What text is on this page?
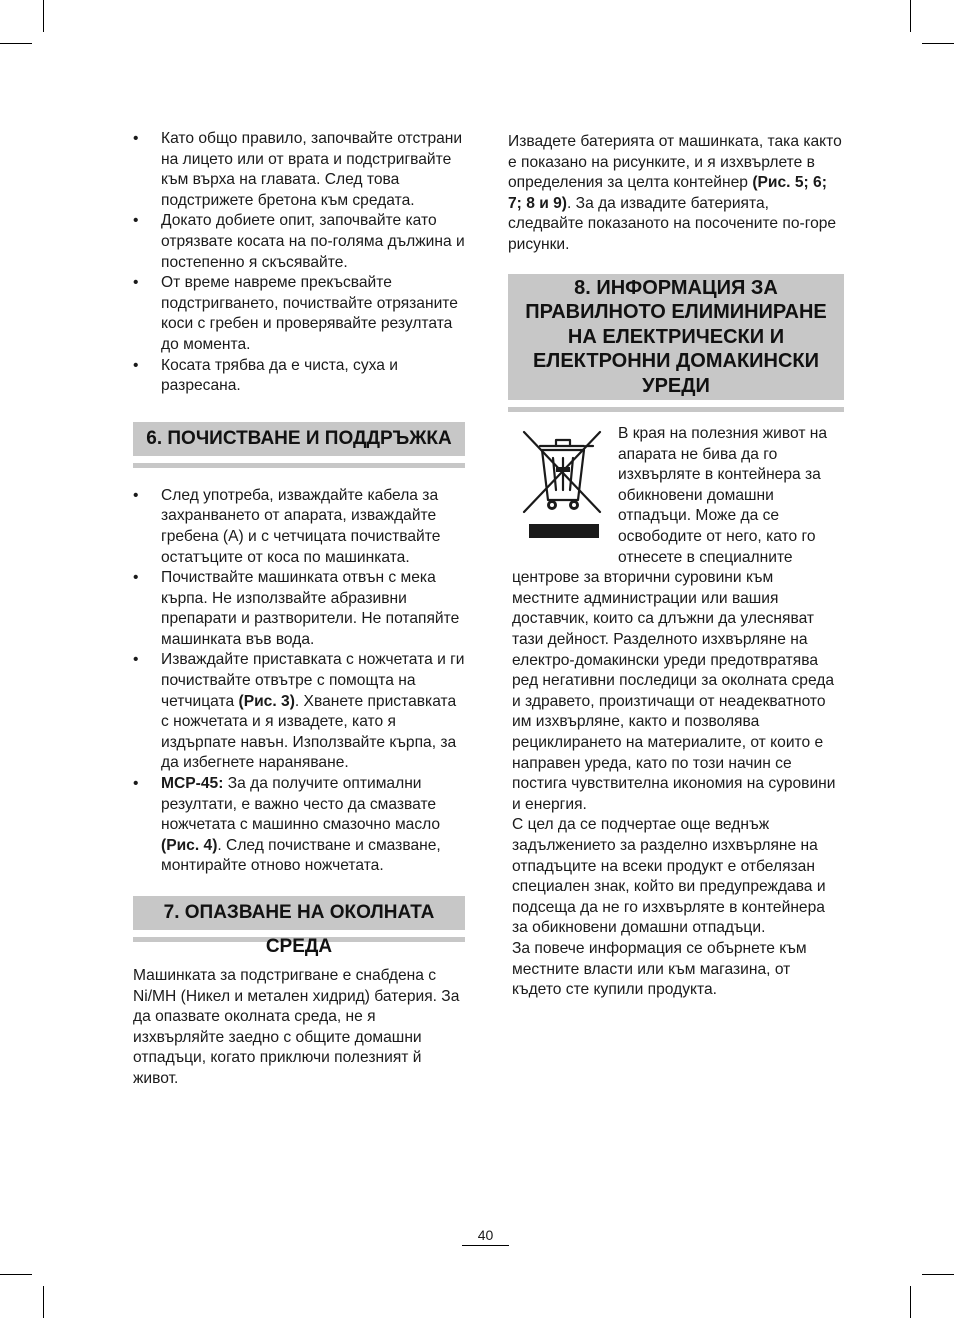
• Като общо правило, започвайте отстрани на лицето или от врата и подстригвайте към върха на главата. След това подстрижете бретона към средата.
• Докато добиете опит, започвайте като отрязвате косата на по-голяма дължина и постепенно я скъсявайте.
• От време навреме прекъсвайте подстригването, почиствайте отрязаните коси с гребен и проверявайте резултата до момента.
• Косата трябва да е чиста, суха и разресана.
6. ПОЧИСТВАНЕ И ПОДДРЪЖКА
• След употреба, изваждайте кабела за захранването от апарата, изваждайте гребена (A) и с четчицата почиствайте остатъците от коса по машинката.
• Почиствайте машинката отвън с мека кърпа. Не използвайте абразивни препарати и разтворители. Не потапяйте машинката във вода.
• Изваждайте приставката с ножчетата и ги почиствайте отвътре с помощта на четчицата (Рис. 3). Хванете приставката с ножчетата и я извадете, като я издърпате навън. Използвайте кърпа, за да избегнете нараняване.
• MCP-45: За да получите оптимални резултати, е важно често да смазвате ножчетата с машинно смазочно масло (Рис. 4). След почистване и смазване, монтирайте отново ножчетата.
7. ОПАЗВАНЕ НА ОКОЛНАТА СРЕДА

Машинката за подстригване е снабдена с Ni/MH (Никел и метален хидрид) батерия. За да опазвате околната среда, не я изхвърляйте заедно с общите домашни отпадъци, когато приключи полезният й живот.

Извадете батерията от машинката, така както е показано на рисунките, и я изхвърлете в определения за целта контейнер (Рис. 5; 6; 7; 8 и 9). За да извадите батерията, следвайте показаното на посочените по-горе рисунки.

8. ИНФОРМАЦИЯ ЗА ПРАВИЛНОТО ЕЛИМИНИРАНЕ НА ЕЛЕКТРИЧЕСКИ И ЕЛЕКТРОННИ ДОМАКИНСКИ УРЕДИ

В края на полезния живот на апарата не бива да го изхвърляте в контейнера за обикновени домашни отпадъци. Може да се освободите от него, като го отнесете в специалните центрове за вторични суровини към местните администрации или вашия доставчик, които са длъжни да улесняват тази дейност. Разделното изхвърляне на електро-домакински уреди предотвратява ред негативни последици за околната среда и здравето, произтичащи от неадекватното им изхвърляне, както и позволява рециклирането на материалите, от които е направен уреда, като по този начин се постига чувствителна икономия на суровини и енергия.

С цел да се подчертае още веднъж задължението за разделно изхвърляне на отпадъците на всеки продукт е отбелязан специален знак, който ви предупреждава и подсеща да не го изхвърляте в контейнера за обикновени домашни отпадъци.

За повече информация се обърнете към местните власти или към магазина, от където сте купили продукта.

40
